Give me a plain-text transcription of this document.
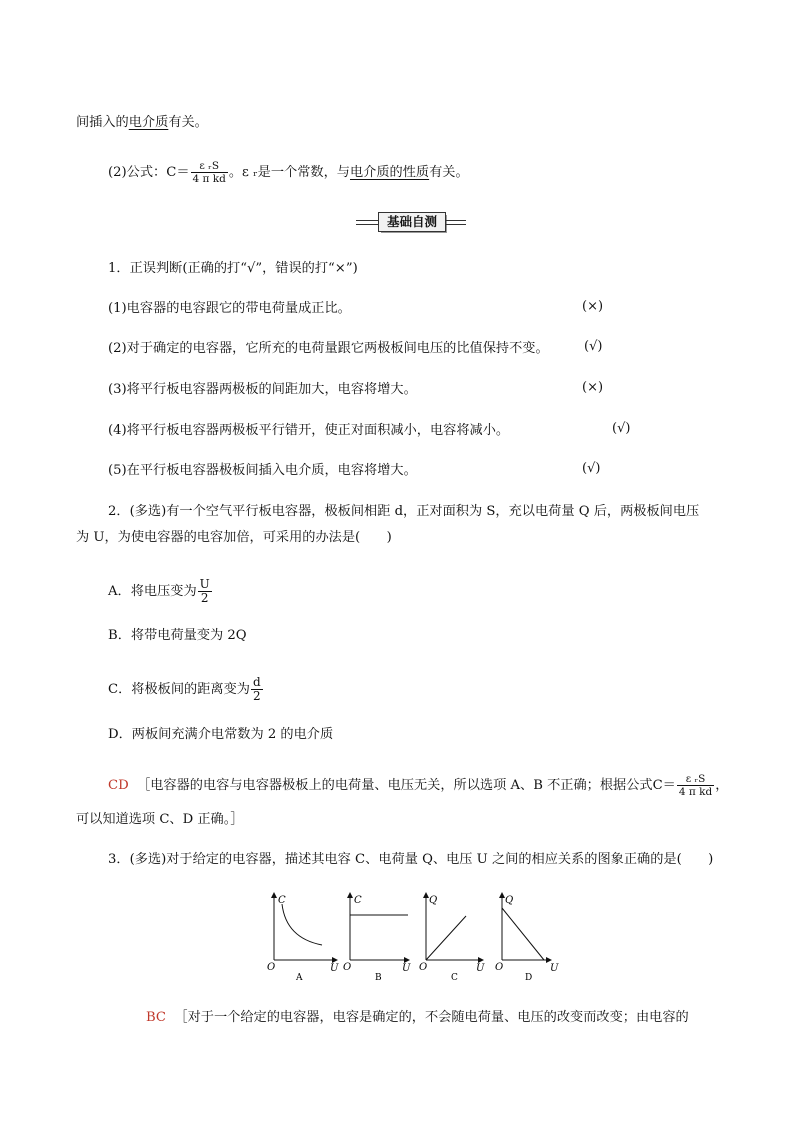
间插入的电介质有关。
(2)公式：$C= \frac{\text{ε ᵣS}}{\text{4 π kd}}$ 。ε ᵣ是一个常数，与电介质的性质有关。
基础自测
1．正误判断(正确的打“√”，错误的打“×”)
(1)电容器的电容跟它的带电荷量成正比。	(×)
(2)对于确定的电容器，它所充的电荷量跟它两极板间电压的比值保持不变。	(√)
(3)将平行板电容器两极板的间距加大，电容将增大。	(×)
(4)将平行板电容器两极板平行错开，使正对面积减小，电容将减小。	(√)
(5)在平行板电容器极板间插入电介质，电容将增大。	(√)
2．(多选)有一个空气平行板电容器，极板间相距 d，正对面积为 S，充以电荷量 Q 后，两极板间电压
为 U，为使电容器的电容加倍，可采用的办法是(　　)
A．将电压变为 $\frac{U}{2}$
B．将带电荷量变为 2Q
C．将极板间的距离变为 $\frac{d}{2}$
D．两板间充满介电常数为 2 的电介质
CD ［电容器的电容与电容器极板上的电荷量、电压无关，所以选项 A、B 不正确；根据公式$C= \frac{\text{ε ᵣS}}{\text{4 π kd}}$ ，
可以知道选项 C、D 正确。］
3．(多选)对于给定的电容器，描述其电容 C、电荷量 Q、电压 U 之间的相应关系的图象正确的是(　　)
C
O	U
A
C
O	U
B
Q
O	U
C
Q
O	U
D
BC ［对于一个给定的电容器，电容是确定的，不会随电荷量、电压的改变而改变；由电容的
